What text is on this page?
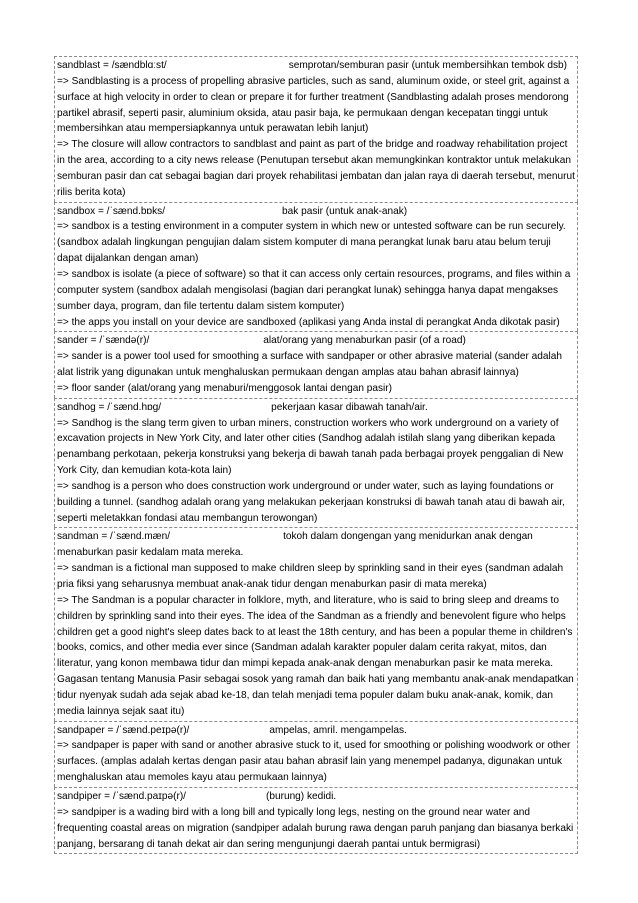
sandblast = /sændblɑːst/	semprotan/semburan pasir (untuk membersihkan tembok dsb)
=> Sandblasting is a process of propelling abrasive particles, such as sand, aluminum oxide, or steel grit, against a surface at high velocity in order to clean or prepare it for further treatment (Sandblasting adalah proses mendorong partikel abrasif, seperti pasir, aluminium oksida, atau pasir baja, ke permukaan dengan kecepatan tinggi untuk membersihkan atau mempersiapkannya untuk perawatan lebih lanjut)
=> The closure will allow contractors to sandblast and paint as part of the bridge and roadway rehabilitation project in the area, according to a city news release (Penutupan tersebut akan memungkinkan kontraktor untuk melakukan semburan pasir dan cat sebagai bagian dari proyek rehabilitasi jembatan dan jalan raya di daerah tersebut, menurut rilis berita kota)
sandbox = /ˈsænd.bɒks/	bak pasir (untuk anak-anak)
=> sandbox is a testing environment in a computer system in which new or untested software can be run securely. (sandbox adalah lingkungan pengujian dalam sistem komputer di mana perangkat lunak baru atau belum teruji dapat dijalankan dengan aman)
=> sandbox is isolate (a piece of software) so that it can access only certain resources, programs, and files within a computer system (sandbox adalah mengisolasi (bagian dari perangkat lunak) sehingga hanya dapat mengakses sumber daya, program, dan file tertentu dalam sistem komputer)
=> the apps you install on your device are sandboxed (aplikasi yang Anda instal di perangkat Anda dikotak pasir)
sander = /ˈsændə(r)/	alat/orang yang menaburkan pasir (of a road)
=> sander is a power tool used for smoothing a surface with sandpaper or other abrasive material (sander adalah alat listrik yang digunakan untuk menghaluskan permukaan dengan amplas atau bahan abrasif lainnya)
=> floor sander (alat/orang yang menaburi/menggosok lantai dengan pasir)
sandhog = /ˈsænd.hɒɡ/	pekerjaan kasar dibawah tanah/air.
=> Sandhog is the slang term given to urban miners, construction workers who work underground on a variety of excavation projects in New York City, and later other cities (Sandhog adalah istilah slang yang diberikan kepada penambang perkotaan, pekerja konstruksi yang bekerja di bawah tanah pada berbagai proyek penggalian di New York City, dan kemudian kota-kota lain)
=> sandhog is a person who does construction work underground or under water, such as laying foundations or building a tunnel. (sandhog adalah orang yang melakukan pekerjaan konstruksi di bawah tanah atau di bawah air, seperti meletakkan fondasi atau membangun terowongan)
sandman = /ˈsænd.mæn/	tokoh dalam dongengan yang menidurkan anak dengan menaburkan pasir kedalam mata mereka.
=> sandman is a fictional man supposed to make children sleep by sprinkling sand in their eyes (sandman adalah pria fiksi yang seharusnya membuat anak-anak tidur dengan menaburkan pasir di mata mereka)
=> The Sandman is a popular character in folklore, myth, and literature, who is said to bring sleep and dreams to children by sprinkling sand into their eyes. The idea of the Sandman as a friendly and benevolent figure who helps children get a good night's sleep dates back to at least the 18th century, and has been a popular theme in children's books, comics, and other media ever since (Sandman adalah karakter populer dalam cerita rakyat, mitos, dan literatur, yang konon membawa tidur dan mimpi kepada anak-anak dengan menaburkan pasir ke mata mereka. Gagasan tentang Manusia Pasir sebagai sosok yang ramah dan baik hati yang membantu anak-anak mendapatkan tidur nyenyak sudah ada sejak abad ke-18, dan telah menjadi tema populer dalam buku anak-anak, komik, dan media lainnya sejak saat itu)
sandpaper = /ˈsænd.peɪpə(r)/	ampelas, amril. mengampelas.
=> sandpaper is paper with sand or another abrasive stuck to it, used for smoothing or polishing woodwork or other surfaces. (amplas adalah kertas dengan pasir atau bahan abrasif lain yang menempel padanya, digunakan untuk menghaluskan atau memoles kayu atau permukaan lainnya)
sandpiper = /ˈsænd.paɪpə(r)/	(burung) kedidi.
=> sandpiper is a wading bird with a long bill and typically long legs, nesting on the ground near water and frequenting coastal areas on migration (sandpiper adalah burung rawa dengan paruh panjang dan biasanya berkaki panjang, bersarang di tanah dekat air dan sering mengunjungi daerah pantai untuk bermigrasi)
